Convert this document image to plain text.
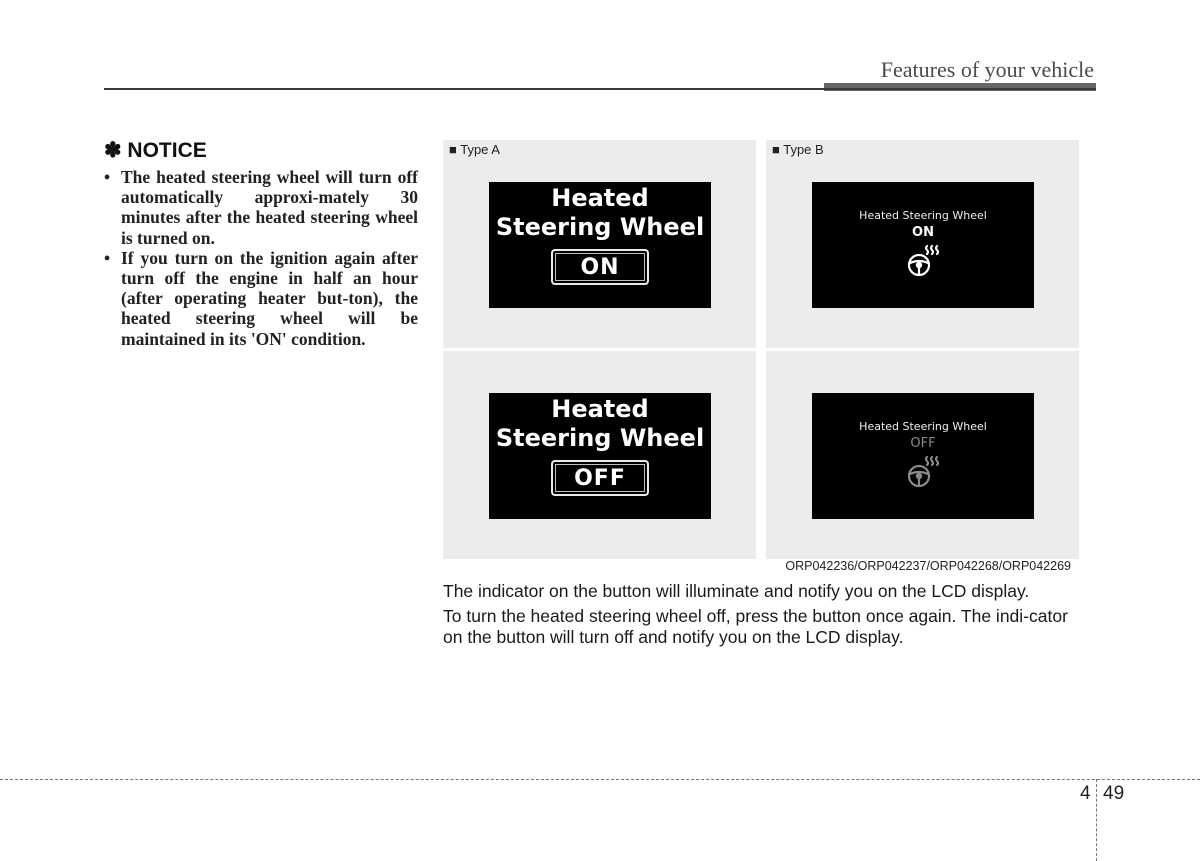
Features of your vehicle
✽ NOTICE
• The heated steering wheel will turn off automatically approxi-mately 30 minutes after the heated steering wheel is turned on.
• If you turn on the ignition again after turn off the engine in half an hour (after operating heater but-ton), the heated steering wheel will be maintained in its 'ON' condition.
■ Type A
Heated
Steering Wheel
ON
■ Type B
Heated Steering Wheel
ON
Heated
Steering Wheel
OFF
Heated Steering Wheel
OFF
ORP042236/ORP042237/ORP042268/ORP042269

The indicator on the button will illuminate and notify you on the LCD display.

To turn the heated steering wheel off, press the button once again. The indi-cator on the button will turn off and notify you on the LCD display.

4 49
